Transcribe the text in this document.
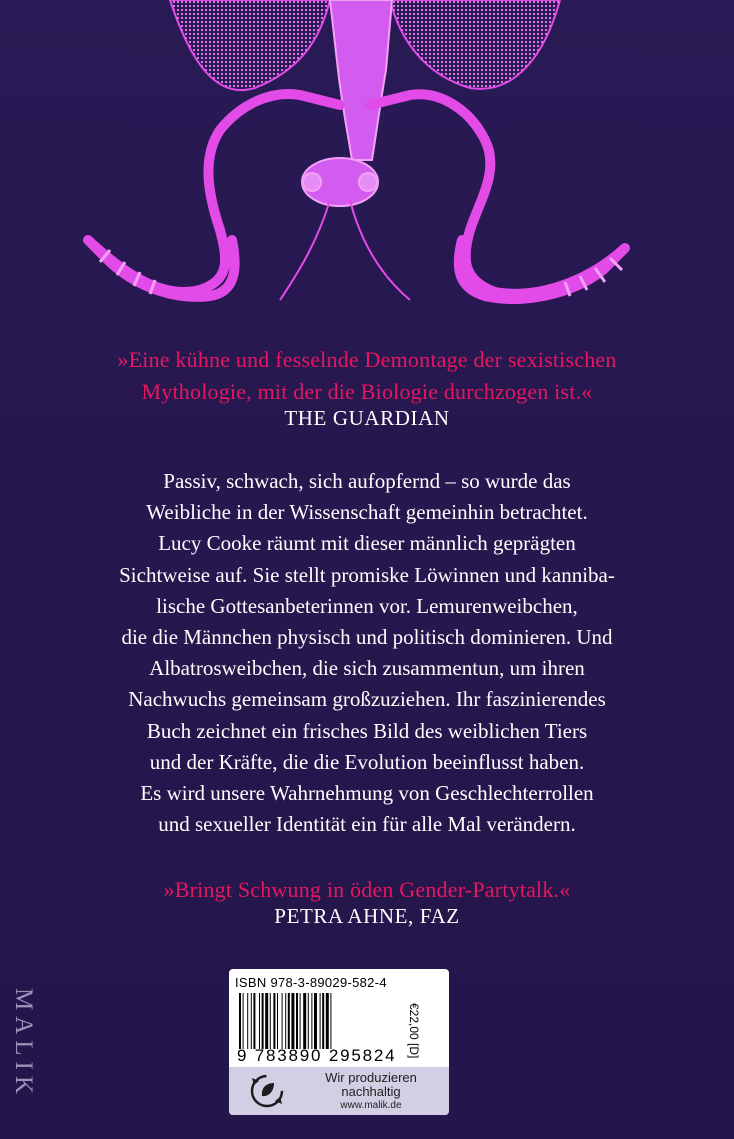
»Eine kühne und fesselnde Demontage der sexistischen
Mythologie, mit der die Biologie durchzogen ist.«

THE GUARDIAN

Passiv, schwach, sich aufopfernd – so wurde das
Weibliche in der Wissenschaft gemeinhin betrachtet.
Lucy Cooke räumt mit dieser männlich geprägten
Sichtweise auf. Sie stellt promiske Löwinnen und kanniba-
lische Gottesanbeterinnen vor. Lemurenweibchen,
die die Männchen physisch und politisch dominieren. Und
Albatrosweibchen, die sich zusammentun, um ihren
Nachwuchs gemeinsam großzuziehen. Ihr faszinierendes
Buch zeichnet ein frisches Bild des weiblichen Tiers
und der Kräfte, die die Evolution beeinflusst haben.
Es wird unsere Wahrnehmung von Geschlechterrollen
und sexueller Identität ein für alle Mal verändern.

»Bringt Schwung in öden Gender-Partytalk.«

PETRA AHNE, FAZ

MALIK
ISBN 978-3-89029-582-4
€22,00 [D]
9 783890 295824
Wir produzieren
nachhaltig
www.malik.de
